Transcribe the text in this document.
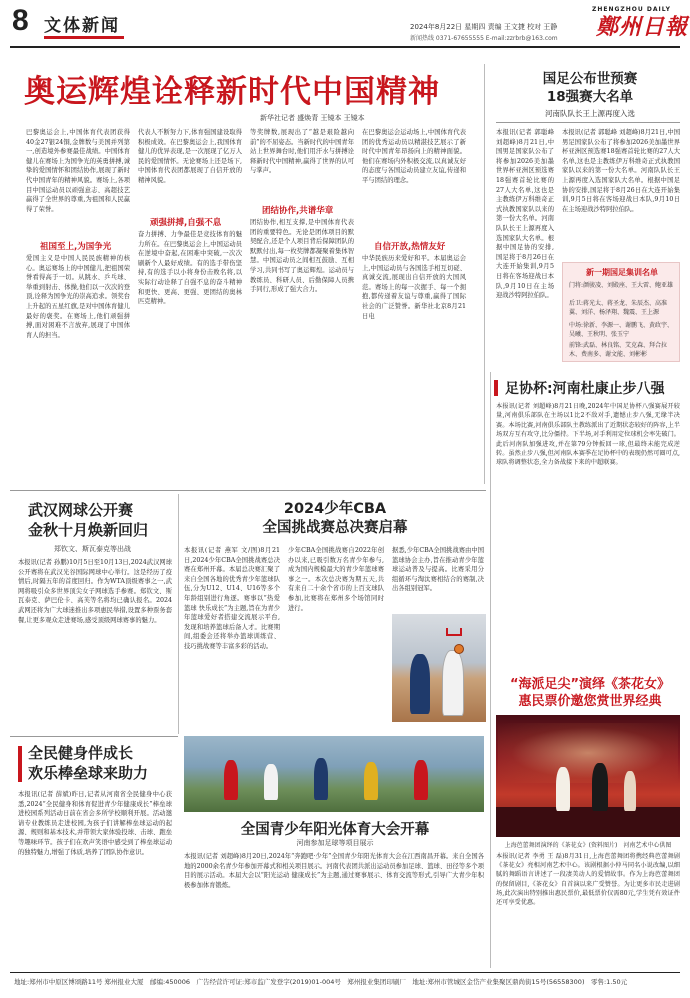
8 文体新闻	2024年8月22日 星期四 责编 王文捷 校对 王静
新闻热线 0371-67655555 E-mail:zzrbrb@163.com
ZHENGZHOU DAILY
鄭州日報
奥运辉煌诠释新时代中国精神
新华社记者 盛焕青 王镜本 王镜本
巴黎奥运会上,中国体育代表团获得40金27银24铜,金牌数与美国并列第一,创造境外参赛最佳战绩。中国体育健儿在赛场上为国争光的英勇拼搏,诚挚的爱国情怀和团结协作,展现了新时代中国青年的精神风貌。赛场上,各项目中国运动员以顽强意志、高超技艺赢得了全世界的尊重,为祖国和人民赢得了荣誉。
祖国至上,为国争光
爱国主义是中国人民民族精神的核心。奥运赛场上的中国健儿,把祖国荣誉看得高于一切。从跳水、乒乓球、举重到射击、体操,他们以一次次的登顶,诠释为国争光的崇高追求。领奖台上升起的五星红旗,是对中国体育健儿最好的褒奖。在赛场上,他们顽强拼搏,面对困难不言放弃,展现了中国体育人的担当。
代表人不断努力下,体育强国建设取得积极成效。在巴黎奥运会上,我国体育健儿的优异表现,是一次展现了亿万人民的爱国情怀。无论赛场上还是场下,中国体育代表团都展现了自信开放的精神风貌。
顽强拼搏,自强不息
奋力拼搏、力争最佳是竞技体育的魅力所在。在巴黎奥运会上,中国运动员在逆境中奋起,在困难中突破,一次次刷新个人最好成绩。有的选手带伤坚持,有的选手以小将身份击败名将,以实际行动诠释了自强不息的奋斗精神和更快、更高、更强、更团结的奥林匹克精神。
等奖牌数,展现出了“越是艰险越向前”的不屈姿态。当新时代的中国青年站上世界舞台时,他们用汗水与拼搏诠释新时代中国精神,赢得了世界的认可与掌声。
团结协作,共谱华章
团结协作,相互支撑,是中国体育代表团的重要特色。无论是团体项目的默契配合,还是个人项目背后保障团队的默默付出,每一枚奖牌都凝聚着集体智慧。中国运动员之间相互鼓励、互相学习,共同书写了奥运辉煌。运动员与教练员、科研人员、后勤保障人员携手同行,形成了强大合力。
在巴黎奥运会运动场上,中国体育代表团的优秀运动员以精湛技艺展示了新时代中国青年昂扬向上的精神面貌。他们在赛场内外积极交流,以真诚友好的态度与各国运动员建立友谊,传递和平与团结的理念。
自信开放,热情友好
中华民族历来爱好和平。本届奥运会上,中国运动员与各国选手相互切磋、真诚交流,展现出自信开放的大国风范。赛场上的每一次握手、每一个拥抱,都传递着友谊与尊重,赢得了国际社会的广泛赞誉。新华社北京8月21日电
国足公布世预赛
18强赛大名单
河南队队长王上源再度入选
本报讯(记者 郭聪峰 刘超峰)8月21日,中国男足国家队公布了将参加2026美加墨世界杯亚洲区预选赛18强赛首轮比赛的27人大名单,这也是主教练伊万科维奇正式执教国家队以来的第一份大名单。河南队队长王上源再度入选国家队大名单。根据中国足协的安排,国足将于8月26日在大连开始集训,9月5日将在客场迎战日本队,9月10日在主场迎战沙特阿拉伯队。
本报讯(记者 郭聪峰 刘超峰)8月21日,中国男足国家队公布了将参加2026美加墨世界杯亚洲区预选赛18强赛首轮比赛的27人大名单,这也是主教练伊万科维奇正式执教国家队以来的第一份大名单。河南队队长王上源再度入选国家队大名单。根据中国足协的安排,国足将于8月26日在大连开始集训,9月5日将在客场迎战日本队,9月10日在主场迎战沙特阿拉伯队。
新一期国足集训名单
门将:颜骏凌、刘殿座、王大雷、鲍亚雄
后卫:蒋光太、蒋圣龙、朱辰杰、高准翼、刘洋、杨泽翔、魏震、王上源
中场:徐新、李源一、谢鹏飞、黄政宇、吴曦、王秋明、张玉宁
前锋:武磊、林良铭、艾克森、拜合拉木、费南多、谢文能、刘彬彬
足协杯:河南杜康止步八强
本报讯(记者 刘超峰)8月21日晚,2024年中国足协杯八强赛展开较量,河南俱乐部队在主场以1比2不敌对手,遗憾止步八强,无缘半决赛。本场比赛,河南俱乐部队主教练派出了近期状态较好的阵容,上半场双方互有攻守,比分僵持。下半场,对手利用定位球机会率先破门。此后河南队加强进攻,并在第79分钟扳回一球,但最终未能完成逆转。虽然止步八强,但河南队本赛季在足协杯中的表现仍然可圈可点,球队将调整状态,全力备战接下来的中超联赛。
武汉网球公开赛
金秋十月焕新回归
郑钦文、斯瓦泰克等出战
本报讯(记者 孙鹏)10月5日至10月13日,2024武汉网球公开赛将在武汉光谷国际网球中心举行。这是经历了疫情后,时隔五年的首度回归。作为WTA顶级赛事之一,武网将吸引众多世界顶尖女子网球选手参赛。郑钦文、斯瓦泰克、萨巴伦卡、高芙等名将均已确认报名。2024武网还将为广大球迷推出多项惠民举措,设置多种票务套餐,让更多观众走进赛场,感受顶级网球赛事的魅力。
2024少年CBA
全国挑战赛总决赛启幕
本报讯(记者 燕军 文/图)8月21日,2024少年CBA全国挑战赛总决赛在郑州开幕。本届总决赛汇聚了来自全国各地的优秀青少年篮球队伍,分为U12、U14、U16等多个年龄组别进行角逐。赛事以“热爱篮球 快乐成长”为主题,旨在为青少年篮球爱好者搭建交流展示平台,发现和培养篮球后备人才。比赛期间,组委会还将举办篮球训练营、技巧挑战赛等丰富多彩的活动。
少年CBA全国挑战赛自2022年创办以来,已吸引数万名青少年参与,成为国内规模最大的青少年篮球赛事之一。本次总决赛为期五天,共有来自二十余个省市的上百支球队参加,比赛将在郑州多个场馆同时进行。
据悉,少年CBA全国挑战赛由中国篮球协会主办,旨在推动青少年篮球运动普及与提高。比赛采用分组循环与淘汰赛相结合的赛制,决出各组别冠军。
“海派足尖”演绎《茶花女》
惠民票价邀您赏世界经典
上海芭蕾舞团演绎的《茶花女》(资料图片)　河南艺术中心供图
本报讯(记者 李勇 王 磊)8月31日,上海芭蕾舞团将携经典芭蕾舞剧《茶花女》亮相河南艺术中心。该剧根据小仲马同名小说改编,以细腻的舞蹈语言讲述了一段凄美动人的爱情故事。作为上海芭蕾舞团的保留剧目,《茶花女》自首演以来广受赞誉。为让更多市民走进剧场,此次演出特别推出惠民票价,最低票价仅需80元,学生凭有效证件还可享受优惠。
全民健身伴成长
欢乐棒垒球来助力
本报讯(记者 薛斌)昨日,记者从河南省全民健身中心获悉,2024“全民健身和体育促进青少年健康成长”棒垒球进校园系列活动日前在省会多所学校顺利开展。活动邀请专业教练员走进校园,为孩子们讲解棒垒球运动的起源、规则和基本技术,并带领大家体验投球、击球、跑垒等趣味环节。孩子们在欢声笑语中感受到了棒垒球运动的独特魅力,增强了体质,培养了团队协作意识。
全国青少年阳光体育大会开幕
河南参加足球等项目展示
本报讯(记者 刘超峰)8月20日,2024年“奔跑吧·少年”全国青少年阳光体育大会在江西南昌开幕。来自全国各地的2000余名青少年参加开幕式和相关项目展示。河南代表团共派出运动员参加足球、篮球、田径等多个项目的展示活动。本届大会以“阳光运动 健康成长”为主题,通过赛事展示、体育交流等形式,引导广大青少年积极参加体育锻炼。
地址:郑州市中原区博颂路11号 郑州报业大厦　邮编:450006　广告经营许可证:郑市监广发登字(2019)01-004号　郑州报业集团印刷厂　地址:郑州市管城区金岱产业集聚区鼎尚街15号(56558300)　零售:1.50元
